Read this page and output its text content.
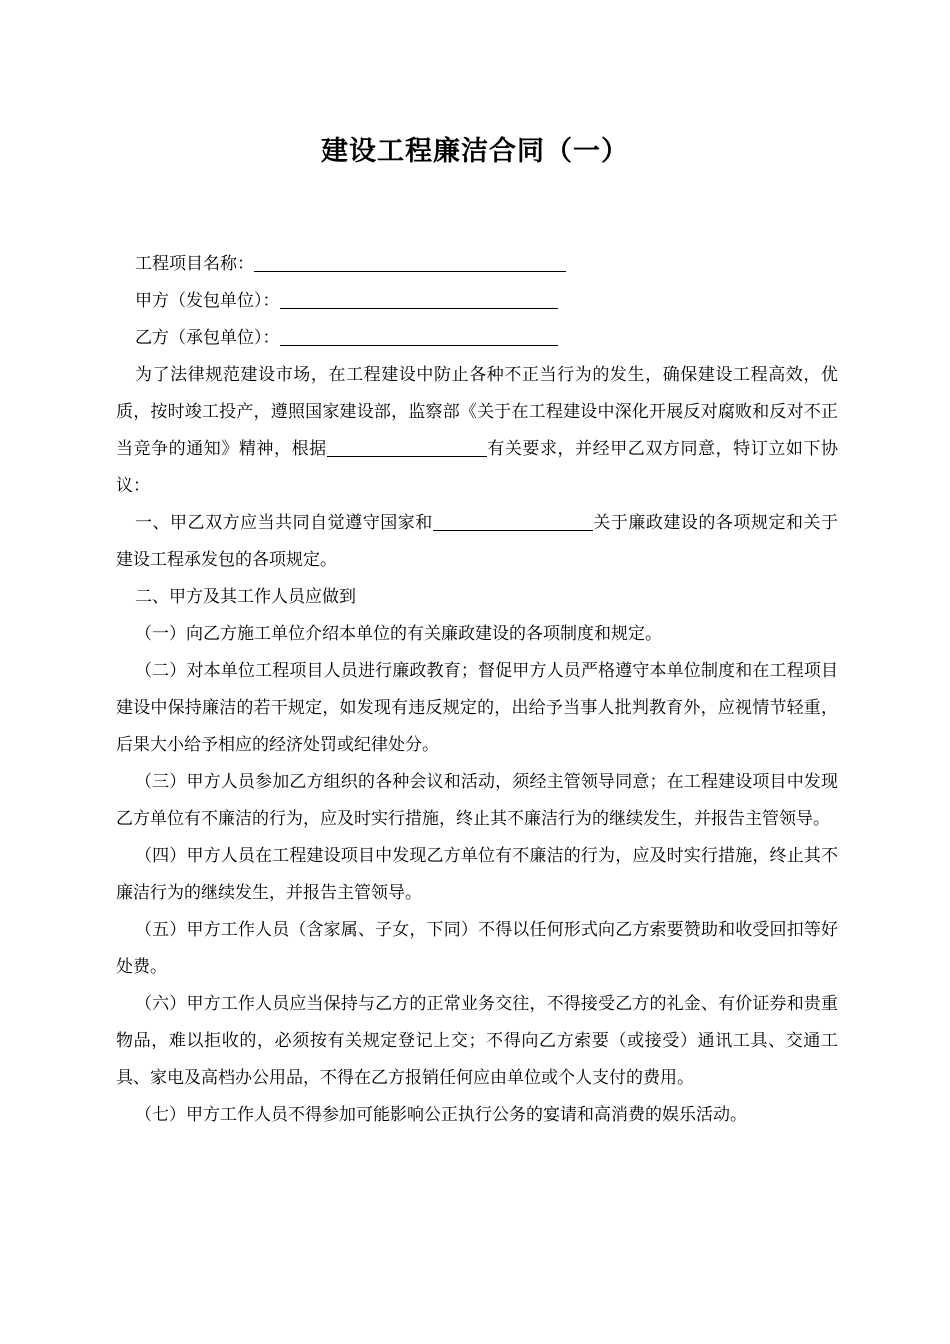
建设工程廉洁合同（一）

工程项目名称：

甲方（发包单位）：

乙方（承包单位）：

为了法律规范建设市场，在工程建设中防止各种不正当行为的发生，确保建设工程高效，优质，按时竣工投产，遵照国家建设部，监察部《关于在工程建设中深化开展反对腐败和反对不正当竞争的通知》精神，根据	有关要求，并经甲乙双方同意，特订立如下协议：

一、甲乙双方应当共同自觉遵守国家和	关于廉政建设的各项规定和关于建设工程承发包的各项规定。

二、甲方及其工作人员应做到

（一）向乙方施工单位介绍本单位的有关廉政建设的各项制度和规定。

（二）对本单位工程项目人员进行廉政教育；督促甲方人员严格遵守本单位制度和在工程项目建设中保持廉洁的若干规定，如发现有违反规定的，出给予当事人批判教育外，应视情节轻重，后果大小给予相应的经济处罚或纪律处分。

（三）甲方人员参加乙方组织的各种会议和活动，须经主管领导同意；在工程建设项目中发现乙方单位有不廉洁的行为，应及时实行措施，终止其不廉洁行为的继续发生，并报告主管领导。

（四）甲方人员在工程建设项目中发现乙方单位有不廉洁的行为，应及时实行措施，终止其不廉洁行为的继续发生，并报告主管领导。

（五）甲方工作人员（含家属、子女，下同）不得以任何形式向乙方索要赞助和收受回扣等好处费。

（六）甲方工作人员应当保持与乙方的正常业务交往，不得接受乙方的礼金、有价证券和贵重物品，难以拒收的，必须按有关规定登记上交；不得向乙方索要（或接受）通讯工具、交通工具、家电及高档办公用品，不得在乙方报销任何应由单位或个人支付的费用。

（七）甲方工作人员不得参加可能影响公正执行公务的宴请和高消费的娱乐活动。
